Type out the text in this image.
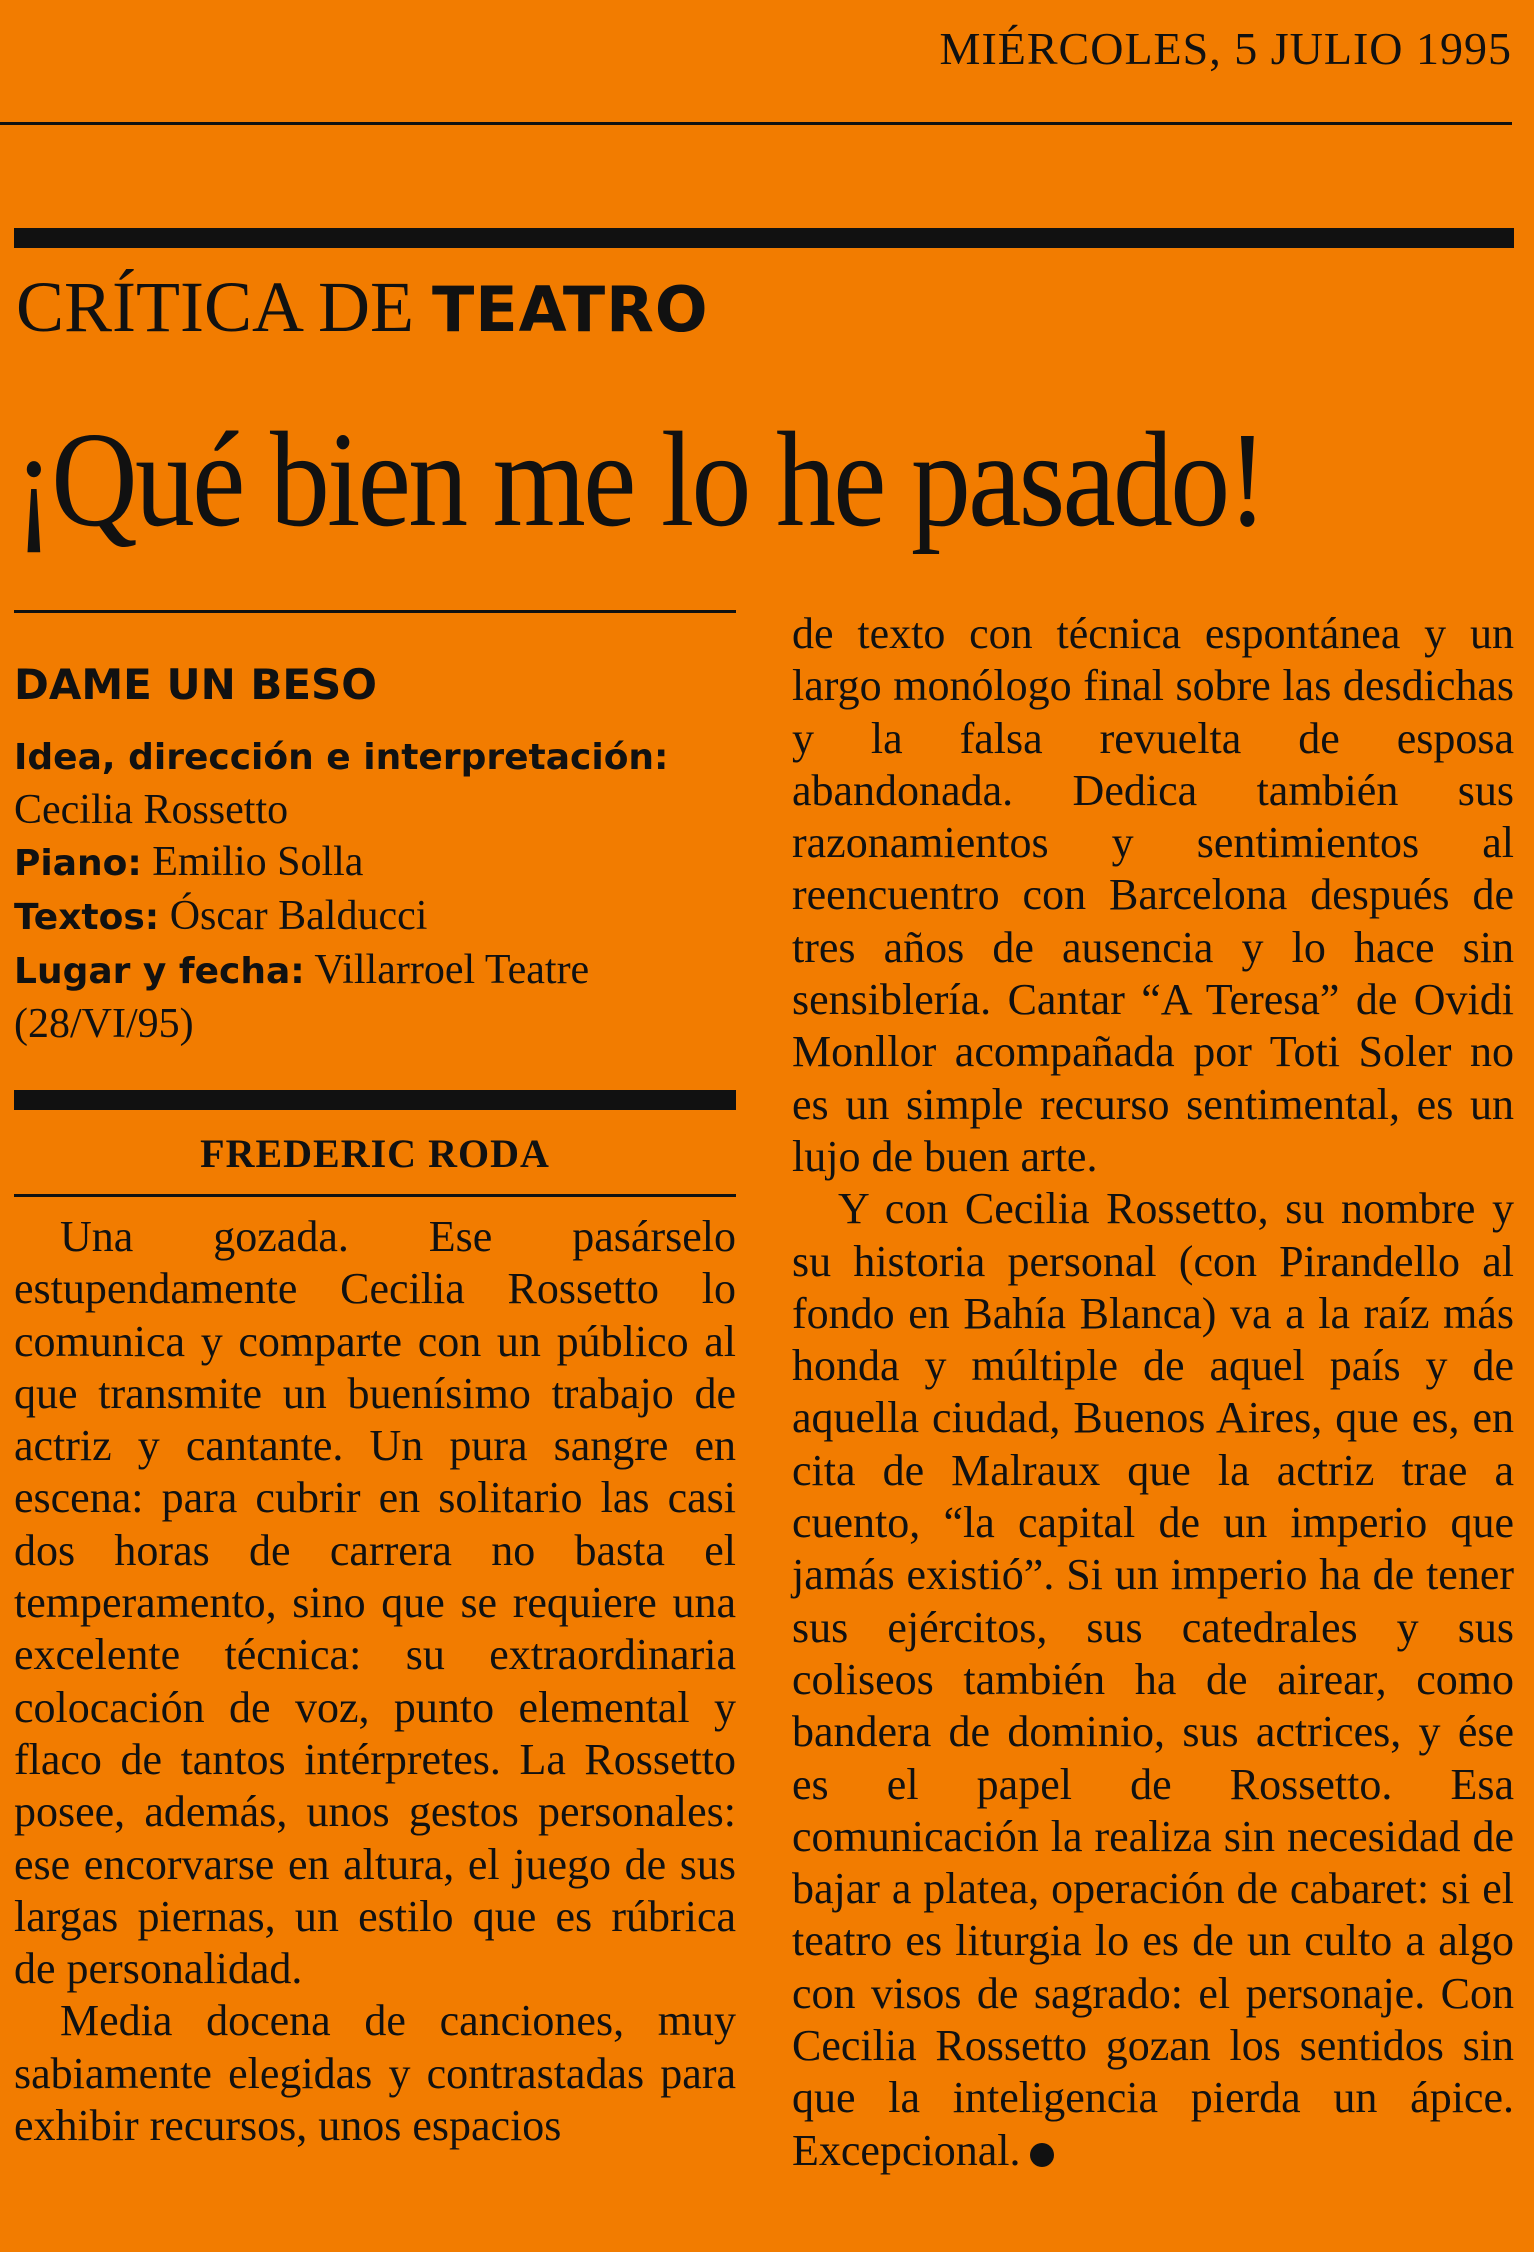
MIÉRCOLES, 5 JULIO 1995
CRÍTICA DE TEATRO
¡Qué bien me lo he pasado!
DAME UN BESO
Idea, dirección e interpretación:
Cecilia Rossetto
Piano: Emilio Solla
Textos: Óscar Balducci
Lugar y fecha: Villarroel Teatre (28/VI/95)
FREDERIC RODA

Una gozada. Ese pasárselo estupendamente Cecilia Rossetto lo comunica y comparte con un público al que transmite un buenísimo trabajo de actriz y cantante. Un pura sangre en escena: para cubrir en solitario las casi dos horas de carrera no basta el temperamento, sino que se requiere una excelente técnica: su extraordinaria colocación de voz, punto elemental y flaco de tantos intérpretes. La Rossetto posee, además, unos gestos personales: ese encorvarse en altura, el juego de sus largas piernas, un estilo que es rúbrica de personalidad.

Media docena de canciones, muy sabiamente elegidas y contrastadas para exhibir recursos, unos espacios

de texto con técnica espontánea y un largo monólogo final sobre las desdichas y la falsa revuelta de esposa abandonada. Dedica también sus razonamientos y sentimientos al reencuentro con Barcelona después de tres años de ausencia y lo hace sin sensiblería. Cantar “A Teresa” de Ovidi Monllor acompañada por Toti Soler no es un simple recurso sentimental, es un lujo de buen arte.

Y con Cecilia Rossetto, su nombre y su historia personal (con Pirandello al fondo en Bahía Blanca) va a la raíz más honda y múltiple de aquel país y de aquella ciudad, Buenos Aires, que es, en cita de Malraux que la actriz trae a cuento, “la capital de un imperio que jamás existió”. Si un imperio ha de tener sus ejércitos, sus catedrales y sus coliseos también ha de airear, como bandera de dominio, sus actrices, y ése es el papel de Rossetto. Esa comunicación la realiza sin necesidad de bajar a platea, operación de cabaret: si el teatro es liturgia lo es de un culto a algo con visos de sagrado: el personaje. Con Cecilia Rossetto gozan los sentidos sin que la inteligencia pierda un ápice. Excepcional.
